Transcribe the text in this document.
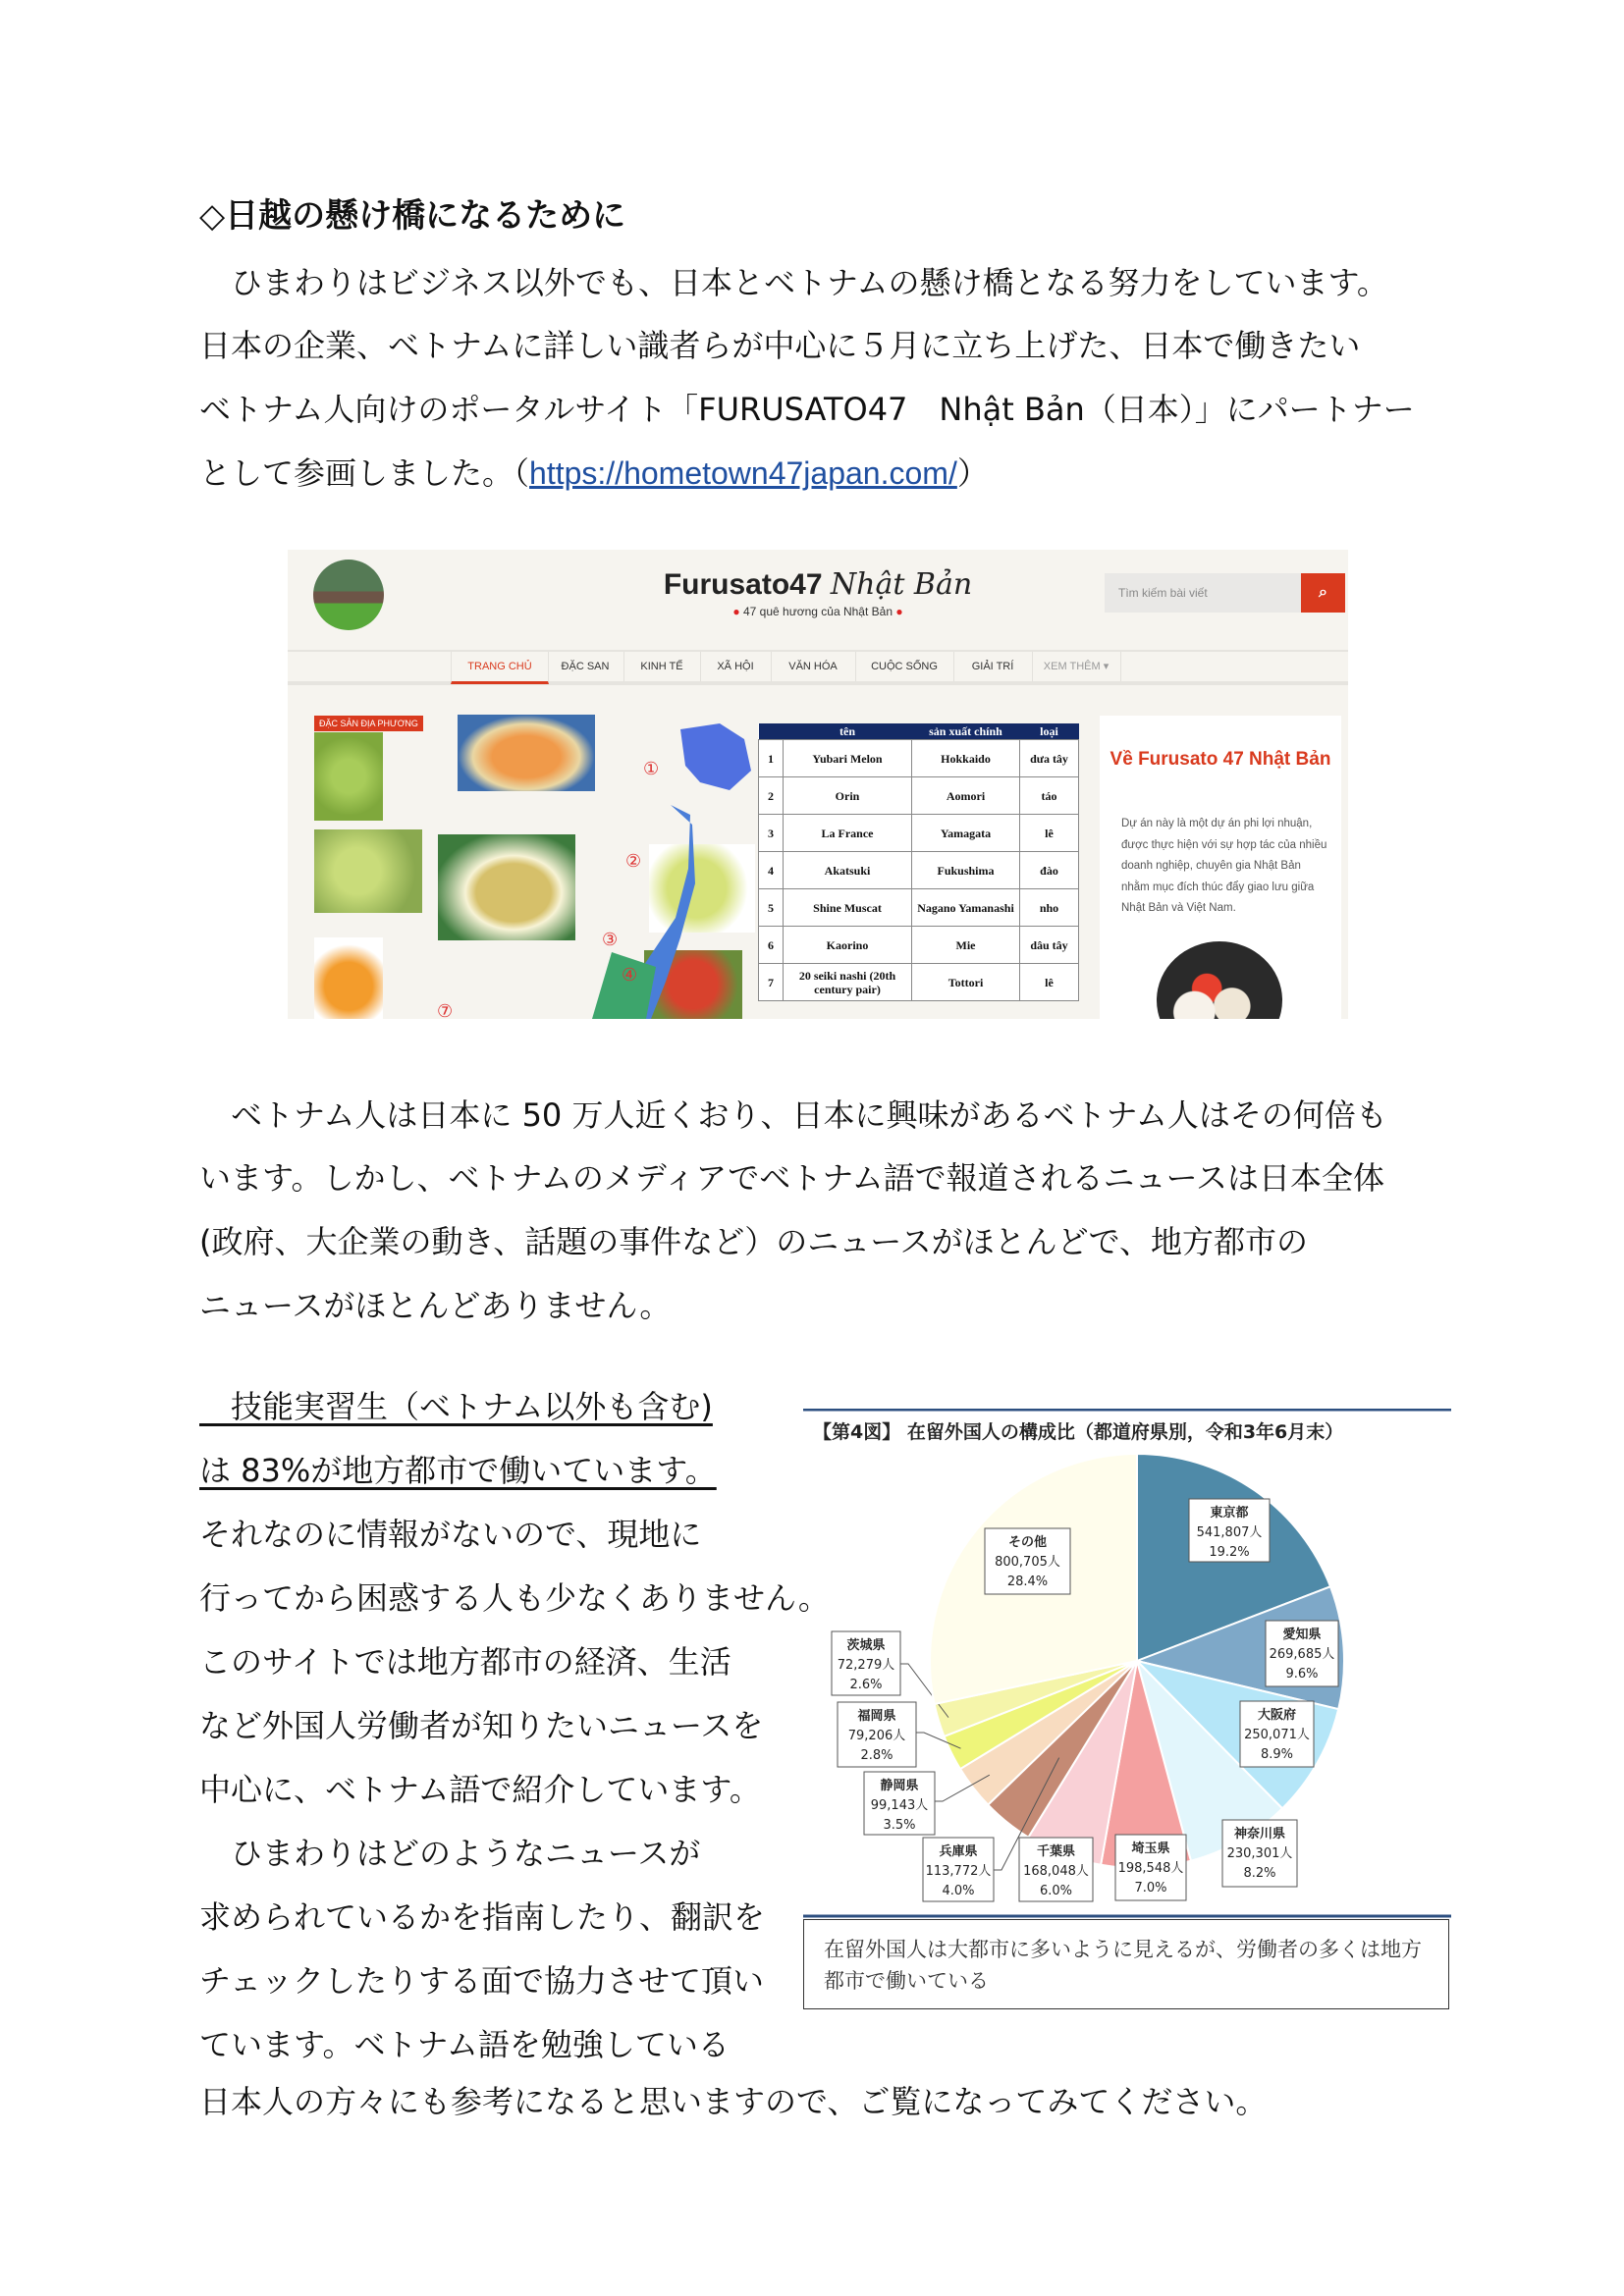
◇日越の懸け橋になるために
　ひまわりはビジネス以外でも、日本とベトナムの懸け橋となる努力をしています。
日本の企業、ベトナムに詳しい識者らが中心に５月に立ち上げた、日本で働きたい
ベトナム人向けのポータルサイト「FURUSATO47　Nhật Bản（日本）」にパートナー
として参画しました。（https://hometown47japan.com/）
Furusato47 Nhật Bản
● 47 quê hương của Nhật Bản ●
Tìm kiếm bài viết	⌕
TRANG CHỦ	ĐẶC SAN	KINH TẾ	XÃ HỘI	VĂN HÓA	CUỘC SỐNG	GIẢI TRÍ	XEM THÊM ▾
ĐẶC SẢN ĐỊA PHƯƠNG
①
②
③
④
⑦
	tên	sản xuất chính	loại
1	Yubari Melon	Hokkaido	dưa tây
2	Orin	Aomori	táo
3	La France	Yamagata	lê
4	Akatsuki	Fukushima	đào
5	Shine Muscat	Nagano Yamanashi	nho
6	Kaorino	Mie	dâu tây
7	20 seiki nashi (20th century pair)	Tottori	lê
Về Furusato 47 Nhật Bản

Dự án này là một dự án phi lợi nhuận, được thực hiện với sự hợp tác của nhiều doanh nghiệp, chuyên gia Nhật Bản nhằm mục đích thúc đẩy giao lưu giữa Nhật Bản và Việt Nam.

　ベトナム人は日本に 50 万人近くおり、日本に興味があるベトナム人はその何倍も
います。しかし、ベトナムのメディアでベトナム語で報道されるニュースは日本全体
(政府、大企業の動き、話題の事件など）のニュースがほとんどで、地方都市の
ニュースがほとんどありません。
　技能実習生（ベトナム以外も含む)
は 83%が地方都市で働いています。
それなのに情報がないので、現地に
行ってから困惑する人も少なくありません。
このサイトでは地方都市の経済、生活
など外国人労働者が知りたいニュースを
中心に、ベトナム語で紹介しています。
　ひまわりはどのようなニュースが
求められているかを指南したり、翻訳を
チェックしたりする面で協力させて頂い
ています。ベトナム語を勉強している
日本人の方々にも参考になると思いますので、ご覧になってみてください。
【第4図】 在留外国人の構成比（都道府県別，令和3年6月末）
東京都
541,807人
19.2%
愛知県
269,685人
9.6%
大阪府
250,071人
8.9%
神奈川県
230,301人
8.2%
埼玉県
198,548人
7.0%
千葉県
168,048人
6.0%
兵庫県
113,772人
4.0%
静岡県
99,143人
3.5%
福岡県
79,206人
2.8%
茨城県
72,279人
2.6%
その他
800,705人
28.4%
在留外国人は大都市に多いように見えるが、労働者の多くは地方都市で働いている
